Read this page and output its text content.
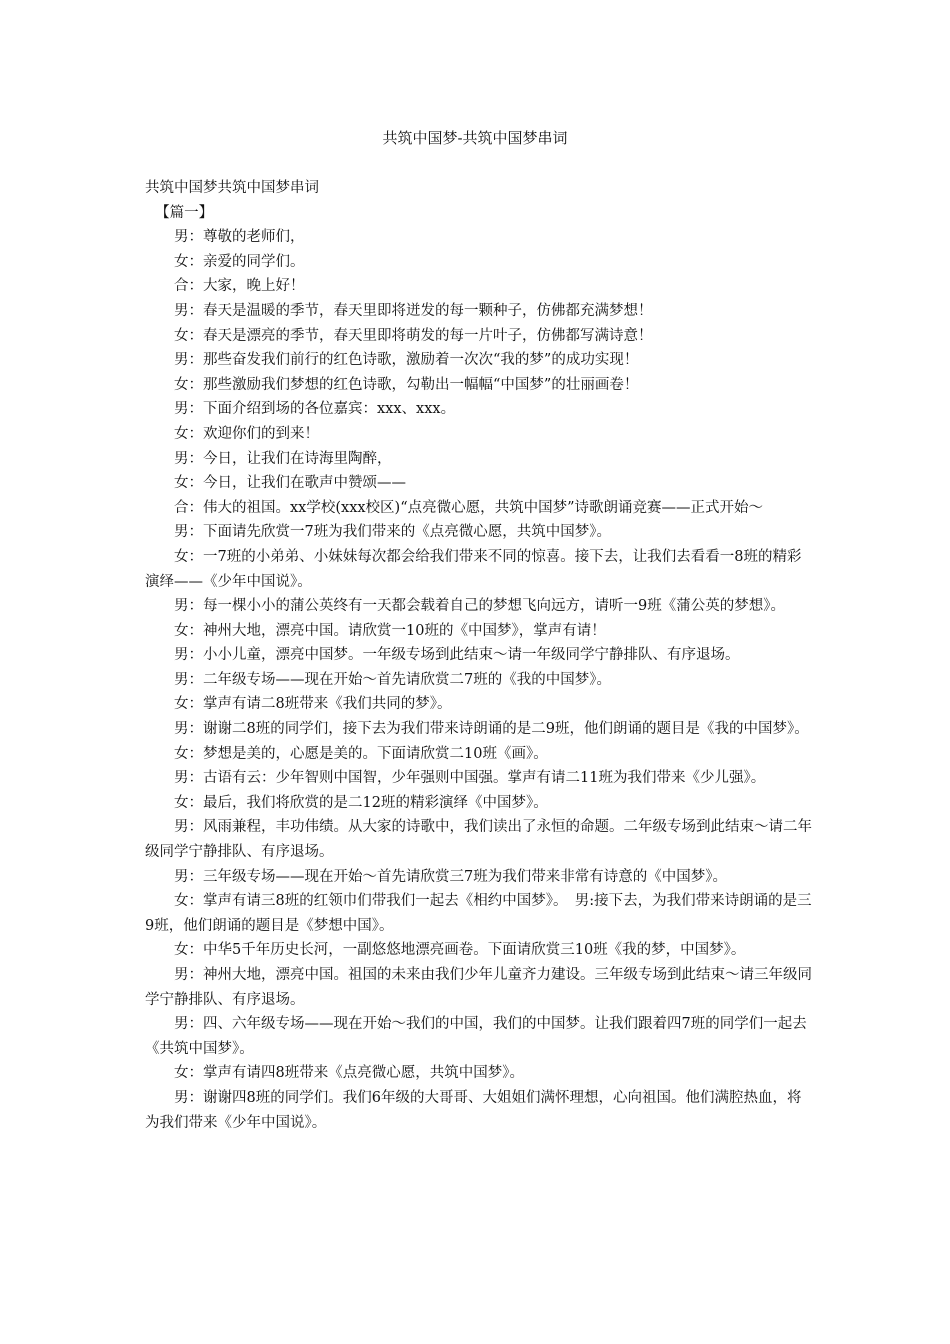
共筑中国梦-共筑中国梦串词
共筑中国梦共筑中国梦串词
【篇一】
男：尊敬的老师们，
女：亲爱的同学们。
合：大家，晚上好！
男：春天是温暖的季节，春天里即将迸发的每一颗种子，仿佛都充满梦想！
女：春天是漂亮的季节，春天里即将萌发的每一片叶子，仿佛都写满诗意！
男：那些奋发我们前行的红色诗歌，激励着一次次“我的梦”的成功实现！
女：那些激励我们梦想的红色诗歌，勾勒出一幅幅“中国梦”的壮丽画卷！
男：下面介绍到场的各位嘉宾：xxx、xxx。
女：欢迎你们的到来！
男：今日，让我们在诗海里陶醉，
女：今日，让我们在歌声中赞颂——
合：伟大的祖国。xx学校(xxx校区)“点亮微心愿，共筑中国梦”诗歌朗诵竞赛——正式开始～
男：下面请先欣赏一7班为我们带来的《点亮微心愿，共筑中国梦》。
女：一7班的小弟弟、小妹妹每次都会给我们带来不同的惊喜。接下去，让我们去看看一8班的精彩演绎——《少年中国说》。
男：每一棵小小的蒲公英终有一天都会载着自己的梦想飞向远方，请听一9班《蒲公英的梦想》。
女：神州大地，漂亮中国。请欣赏一10班的《中国梦》，掌声有请！
男：小小儿童，漂亮中国梦。一年级专场到此结束～请一年级同学宁静排队、有序退场。
男：二年级专场——现在开始～首先请欣赏二7班的《我的中国梦》。
女：掌声有请二8班带来《我们共同的梦》。
男：谢谢二8班的同学们，接下去为我们带来诗朗诵的是二9班，他们朗诵的题目是《我的中国梦》。
女：梦想是美的，心愿是美的。下面请欣赏二10班《画》。
男：古语有云：少年智则中国智，少年强则中国强。掌声有请二11班为我们带来《少儿强》。
女：最后，我们将欣赏的是二12班的精彩演绎《中国梦》。
男：风雨兼程，丰功伟绩。从大家的诗歌中，我们读出了永恒的命题。二年级专场到此结束～请二年级同学宁静排队、有序退场。
男：三年级专场——现在开始～首先请欣赏三7班为我们带来非常有诗意的《中国梦》。
女：掌声有请三8班的红领巾们带我们一起去《相约中国梦》。　男:接下去，为我们带来诗朗诵的是三9班，他们朗诵的题目是《梦想中国》。
女：中华5千年历史长河，一副悠悠地漂亮画卷。下面请欣赏三10班《我的梦，中国梦》。
男：神州大地，漂亮中国。祖国的未来由我们少年儿童齐力建设。三年级专场到此结束～请三年级同学宁静排队、有序退场。
男：四、六年级专场——现在开始～我们的中国，我们的中国梦。让我们跟着四7班的同学们一起去《共筑中国梦》。
女：掌声有请四8班带来《点亮微心愿，共筑中国梦》。
男：谢谢四8班的同学们。我们6年级的大哥哥、大姐姐们满怀理想，心向祖国。他们满腔热血，将为我们带来《少年中国说》。
